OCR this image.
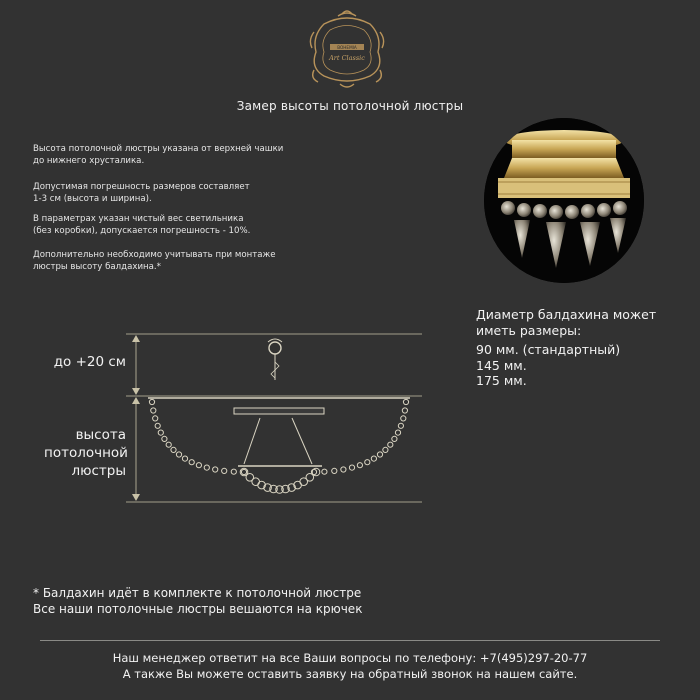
BOHEMIA
Art Classic
Замер высоты потолочной люстры
Высота потолочной люстры указана от верхней чашки
до нижнего хрусталика.
Допустимая погрешность размеров составляет
1-3 см (высота и ширина).
В параметрах указан чистый вес светильника
(без коробки), допускается погрешность - 10%.
Дополнительно необходимо учитывать при монтаже
люстры высоту балдахина.*
Диаметр балдахина может
иметь размеры:
90 мм. (стандартный)
145 мм.
175 мм.
до +20 см
высота
потолочной
люстры
* Балдахин идёт в комплекте к потолочной люстре
Все наши потолочные люстры вешаются на крючек
Наш менеджер ответит на все Ваши вопросы по телефону: +7(495)297-20-77
А также Вы можете оставить заявку на обратный звонок на нашем сайте.
